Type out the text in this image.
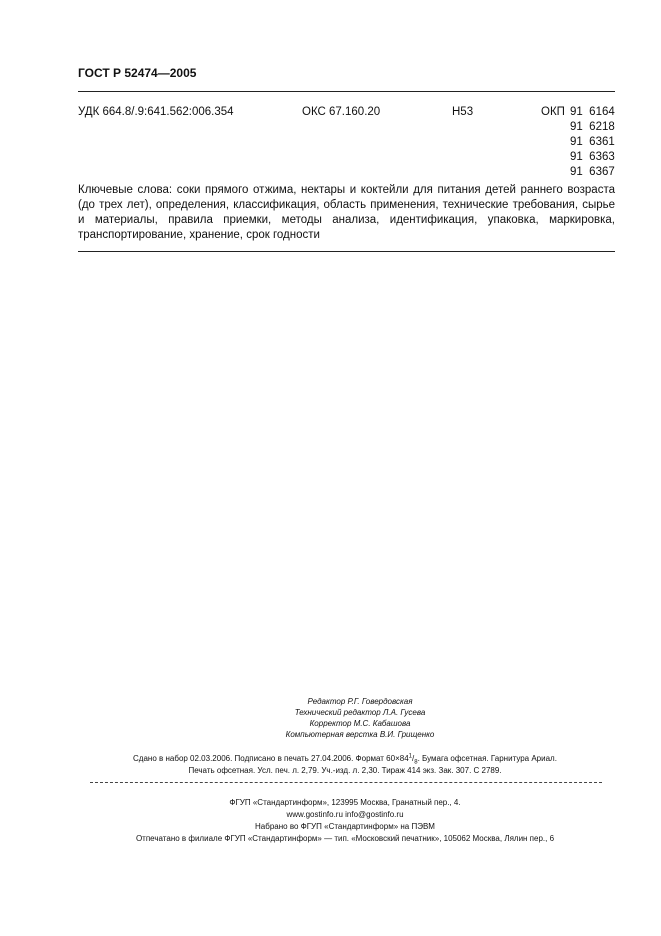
ГОСТ Р 52474—2005
УДК 664.8/.9:641.562:006.354	ОКС 67.160.20	Н53	ОКП 91  6164
91  6218
91  6361
91  6363
91  6367
Ключевые слова: соки прямого отжима, нектары и коктейли для питания детей раннего возраста (до трех лет), определения, классификация, область применения, технические требования, сырье и материалы, правила приемки, методы анализа, идентификация, упаковка, маркировка, транспортирование, хранение, срок годности
Редактор Р.Г. Говердовская
Технический редактор Л.А. Гусева
Корректор М.С. Кабашова
Компьютерная верстка В.И. Грищенко
Сдано в набор 02.03.2006. Подписано в печать 27.04.2006. Формат $60\times 84^1/_8$. Бумага офсетная. Гарнитура Ариал.
Печать офсетная. Усл. печ. л. 2,79. Уч.-изд. л. 2,30. Тираж 414 экз. Зак. 307. С 2789.
ФГУП «Стандартинформ», 123995 Москва, Гранатный пер., 4.
www.gostinfo.ru info@gostinfo.ru
Набрано во ФГУП «Стандартинформ» на ПЭВМ
Отпечатано в филиале ФГУП «Стандартинформ» — тип. «Московский печатник», 105062 Москва, Лялин пер., 6
